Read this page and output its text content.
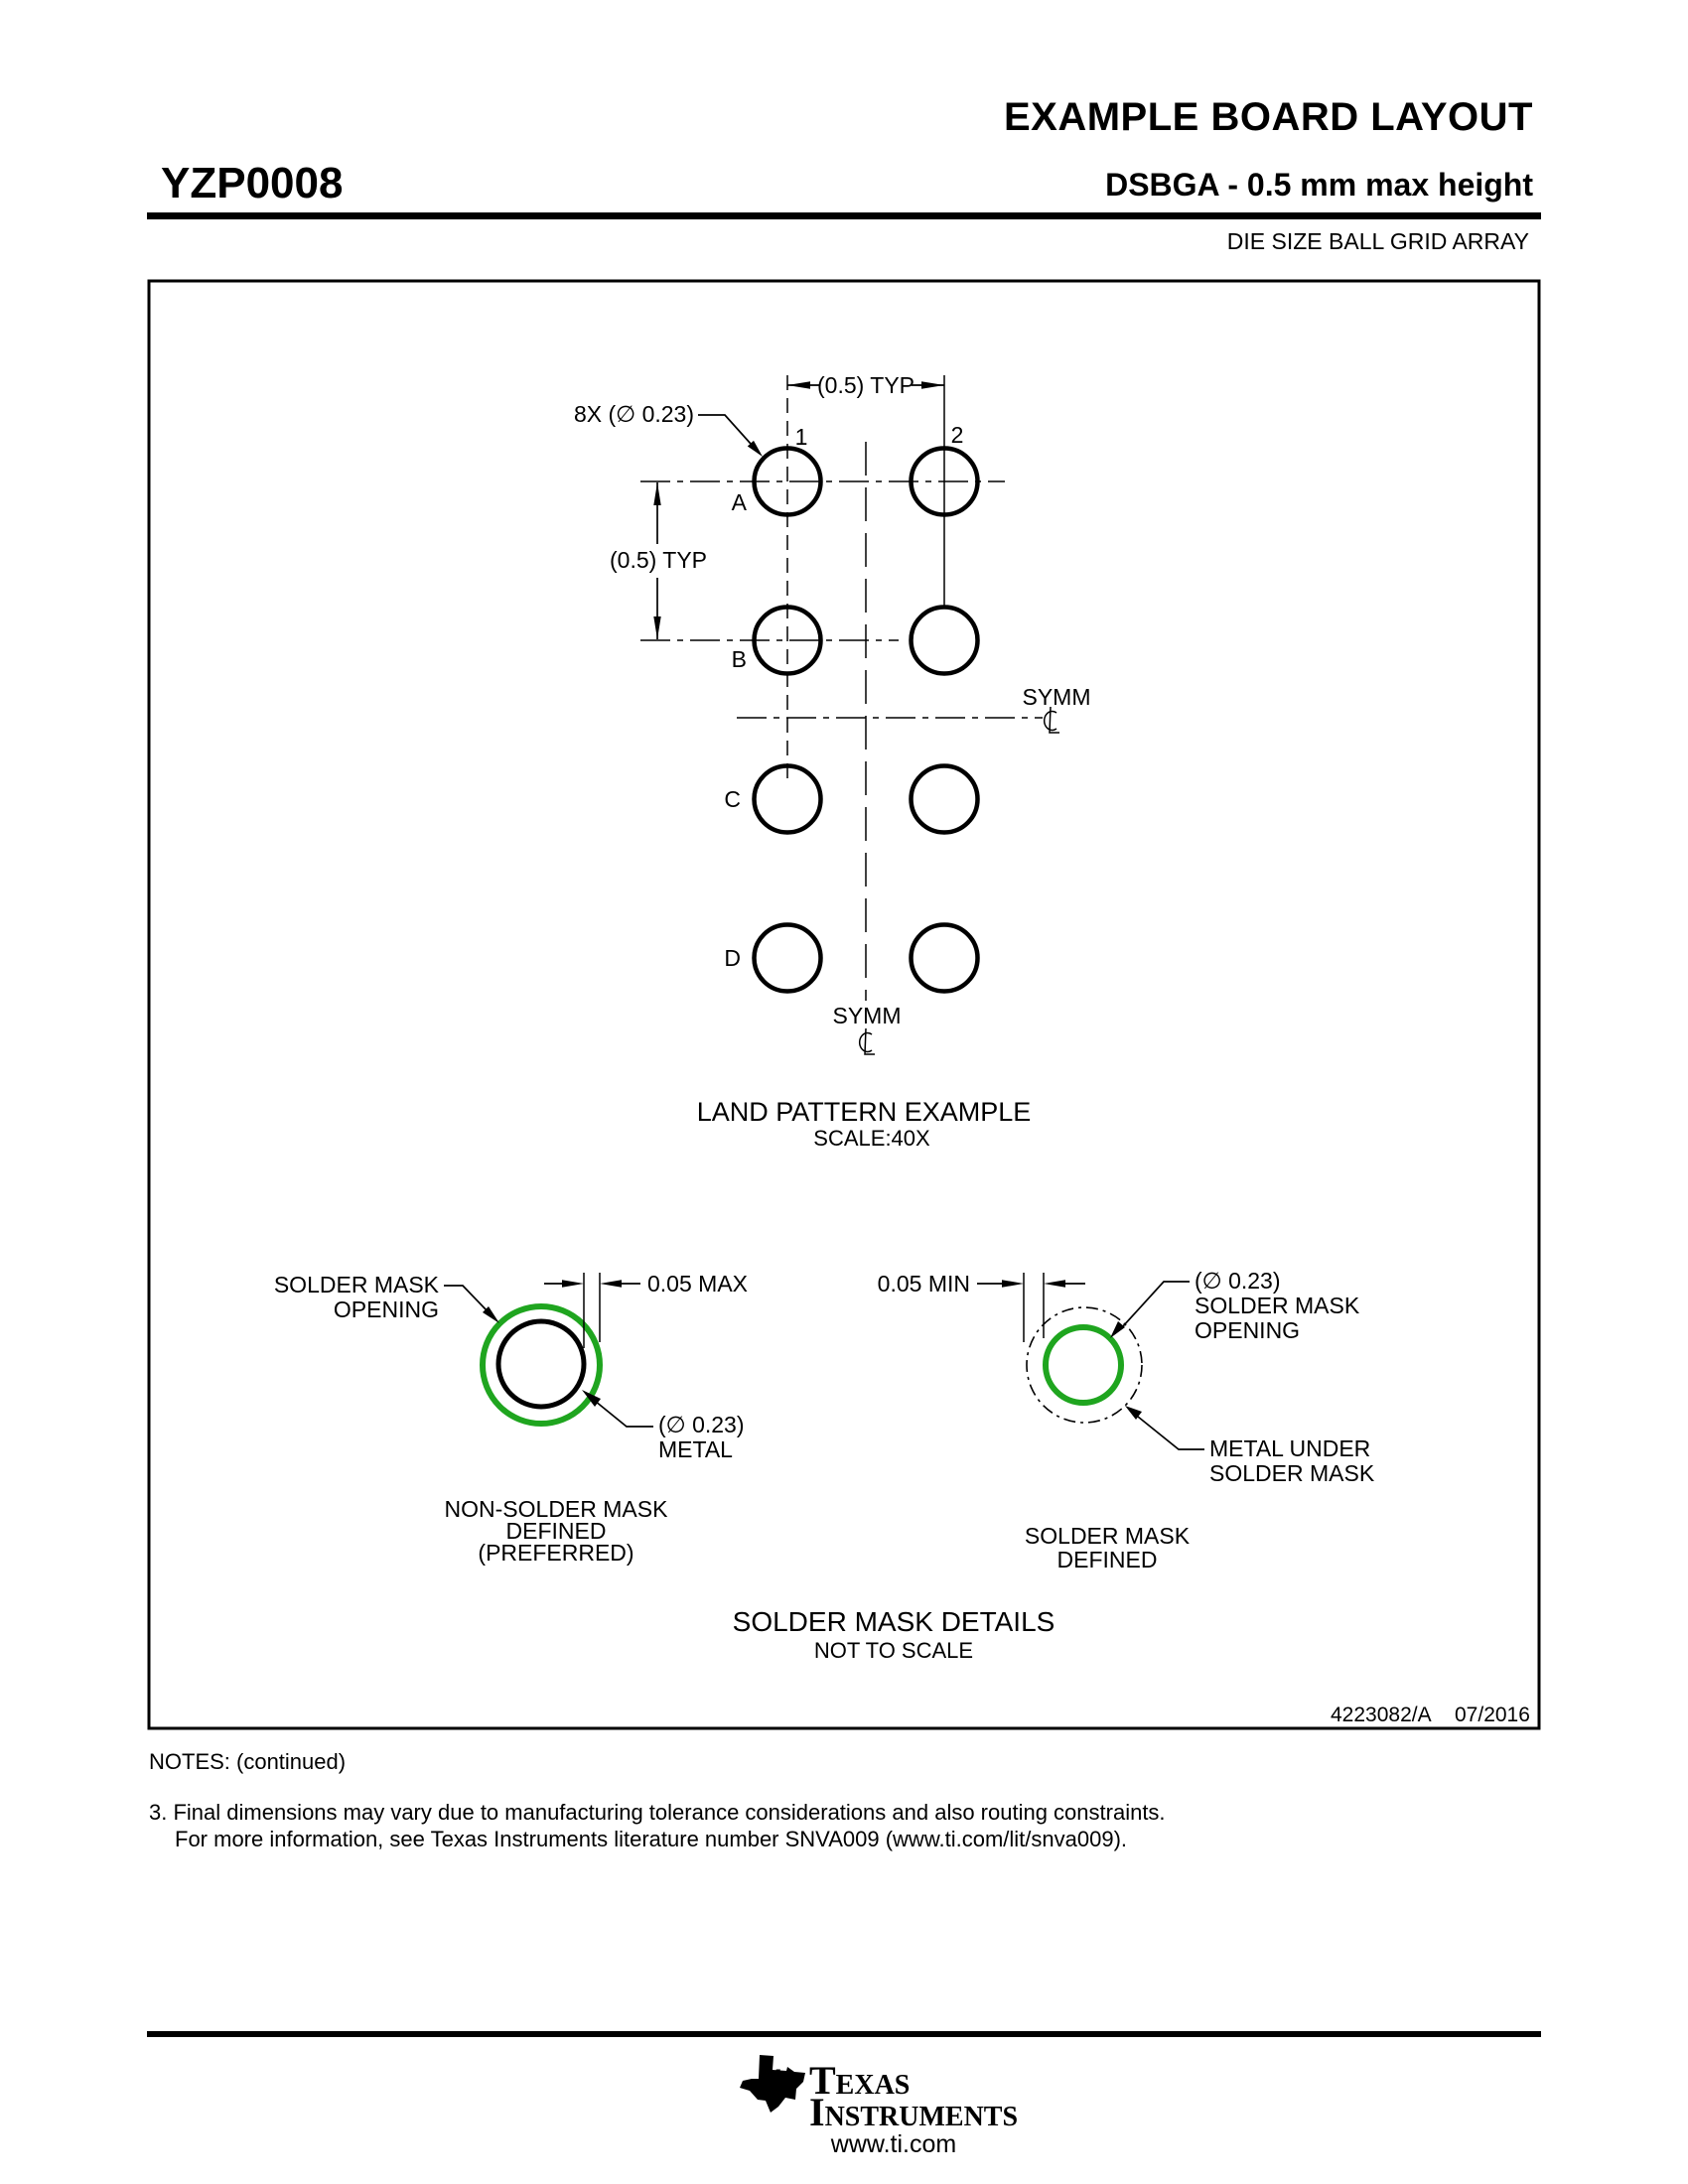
EXAMPLE BOARD LAYOUT
YZP0008	DSBGA - 0.5 mm max height
DIE SIZE BALL GRID ARRAY
(0.5) TYP
(0.5) TYP
8X (∅ 0.23)
1	2
A
B
C
D
SYMM
SYMM
LAND PATTERN EXAMPLE
SCALE:40X
0.05 MAX
SOLDER MASK
OPENING
(∅ 0.23)
METAL
NON-SOLDER MASK
DEFINED
(PREFERRED)
0.05 MIN	(∅ 0.23)
SOLDER MASK
OPENING
METAL UNDER
SOLDER MASK
SOLDER MASK
DEFINED
SOLDER MASK DETAILS
NOT TO SCALE
4223082/A 07/2016
ti
NOTES: (continued)
3. Final dimensions may vary due to manufacturing tolerance considerations and also routing constraints.
For more information, see Texas Instruments literature number SNVA009 (www.ti.com/lit/snva009).
Texas
Instruments
www.ti.com
